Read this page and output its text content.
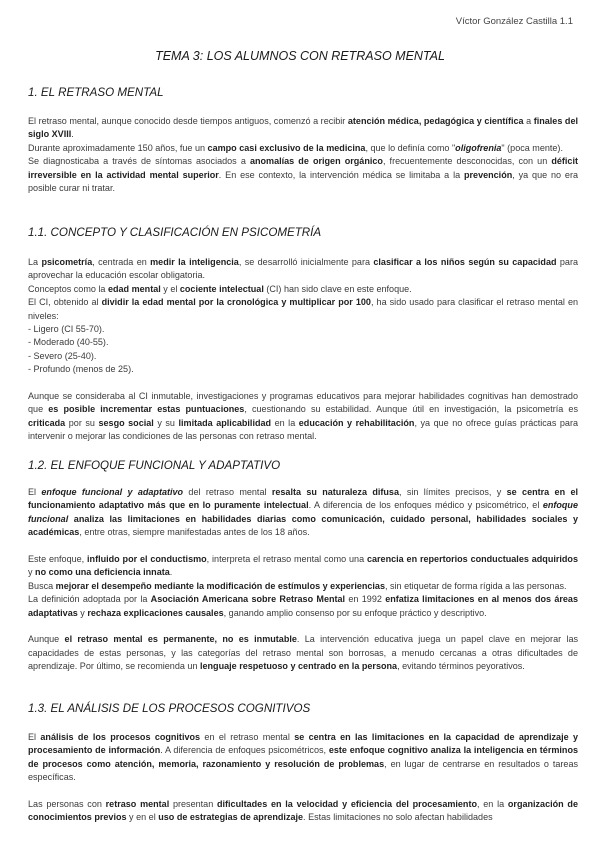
Víctor González Castilla 1.1
TEMA 3: LOS ALUMNOS CON RETRASO MENTAL
1. EL RETRASO MENTAL

El retraso mental, aunque conocido desde tiempos antiguos, comenzó a recibir atención médica, pedagógica y científica a finales del siglo XVIII.

Durante aproximadamente 150 años, fue un campo casi exclusivo de la medicina, que lo definía como "oligofrenia" (poca mente).

Se diagnosticaba a través de síntomas asociados a anomalías de origen orgánico, frecuentemente desconocidas, con un déficit irreversible en la actividad mental superior. En ese contexto, la intervención médica se limitaba a la prevención, ya que no era posible curar ni tratar.

1.1. CONCEPTO Y CLASIFICACIÓN EN PSICOMETRÍA

La psicometría, centrada en medir la inteligencia, se desarrolló inicialmente para clasificar a los niños según su capacidad para aprovechar la educación escolar obligatoria.

Conceptos como la edad mental y el cociente intelectual (CI) han sido clave en este enfoque.

El CI, obtenido al dividir la edad mental por la cronológica y multiplicar por 100, ha sido usado para clasificar el retraso mental en niveles:

- Ligero (CI 55-70).

- Moderado (40-55).

- Severo (25-40).

- Profundo (menos de 25).

Aunque se consideraba al CI inmutable, investigaciones y programas educativos para mejorar habilidades cognitivas han demostrado que es posible incrementar estas puntuaciones, cuestionando su estabilidad. Aunque útil en investigación, la psicometría es criticada por su sesgo social y su limitada aplicabilidad en la educación y rehabilitación, ya que no ofrece guías prácticas para intervenir o mejorar las condiciones de las personas con retraso mental.

1.2. EL ENFOQUE FUNCIONAL Y ADAPTATIVO

El enfoque funcional y adaptativo del retraso mental resalta su naturaleza difusa, sin límites precisos, y se centra en el funcionamiento adaptativo más que en lo puramente intelectual. A diferencia de los enfoques médico y psicométrico, el enfoque funcional analiza las limitaciones en habilidades diarias como comunicación, cuidado personal, habilidades sociales y académicas, entre otras, siempre manifestadas antes de los 18 años.

Este enfoque, influido por el conductismo, interpreta el retraso mental como una carencia en repertorios conductuales adquiridos y no como una deficiencia innata.

Busca mejorar el desempeño mediante la modificación de estímulos y experiencias, sin etiquetar de forma rígida a las personas.

La definición adoptada por la Asociación Americana sobre Retraso Mental en 1992 enfatiza limitaciones en al menos dos áreas adaptativas y rechaza explicaciones causales, ganando amplio consenso por su enfoque práctico y descriptivo.

Aunque el retraso mental es permanente, no es inmutable. La intervención educativa juega un papel clave en mejorar las capacidades de estas personas, y las categorías del retraso mental son borrosas, a menudo cercanas a otras dificultades de aprendizaje. Por último, se recomienda un lenguaje respetuoso y centrado en la persona, evitando términos peyorativos.

1.3. EL ANÁLISIS DE LOS PROCESOS COGNITIVOS

El análisis de los procesos cognitivos en el retraso mental se centra en las limitaciones en la capacidad de aprendizaje y procesamiento de información. A diferencia de enfoques psicométricos, este enfoque cognitivo analiza la inteligencia en términos de procesos como atención, memoria, razonamiento y resolución de problemas, en lugar de centrarse en resultados o tareas específicas.

Las personas con retraso mental presentan dificultades en la velocidad y eficiencia del procesamiento, en la organización de conocimientos previos y en el uso de estrategias de aprendizaje. Estas limitaciones no solo afectan habilidades
